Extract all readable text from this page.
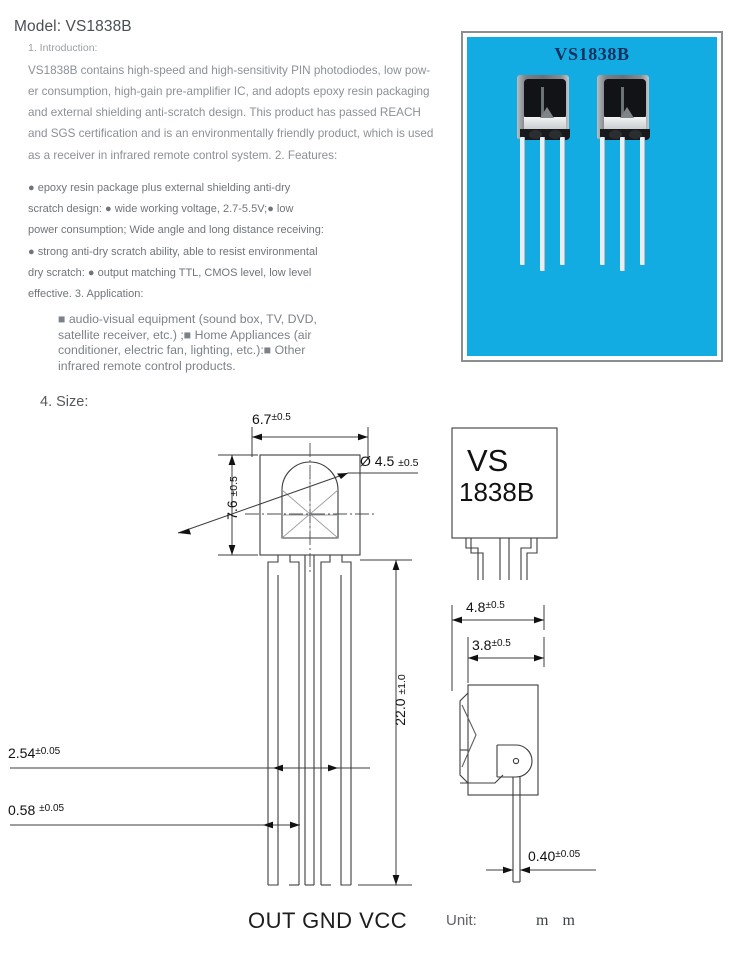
Model: VS1838B
1. Introduction:
VS1838B contains high-speed and high-sensitivity PIN photodiodes, low pow-
er consumption, high-gain pre-amplifier IC, and adopts epoxy resin packaging
and external shielding anti-scratch design. This product has passed REACH
and SGS certification and is an environmentally friendly product, which is used
as a receiver in infrared remote control system. 2. Features:
● epoxy resin package plus external shielding anti-dry
scratch design: ● wide working voltage, 2.7-5.5V;● low
power consumption; Wide angle and long distance receiving:
● strong anti-dry scratch ability, able to resist environmental
dry scratch: ● output matching TTL, CMOS level, low level
effective. 3. Application:
■ audio-visual equipment (sound box, TV, DVD,
satellite receiver, etc.) ;■ Home Appliances (air
conditioner, electric fan, lighting, etc.):■ Other
infrared remote control products.
VS1838B
4. Size:
$6.7^{\pm 0.5}$
7.6 ±0.5
Ø 4.5 ±0.5
22.0 ±1.0
$2.54^{\pm 0.05}$
0.58 $^{\pm 0.05}$
VS
1838B
$4.8^{\pm 0.5}$
$3.8^{\pm 0.5}$
$0.40^{\pm 0.05}$
OUT GND VCC	Unit:	mm
